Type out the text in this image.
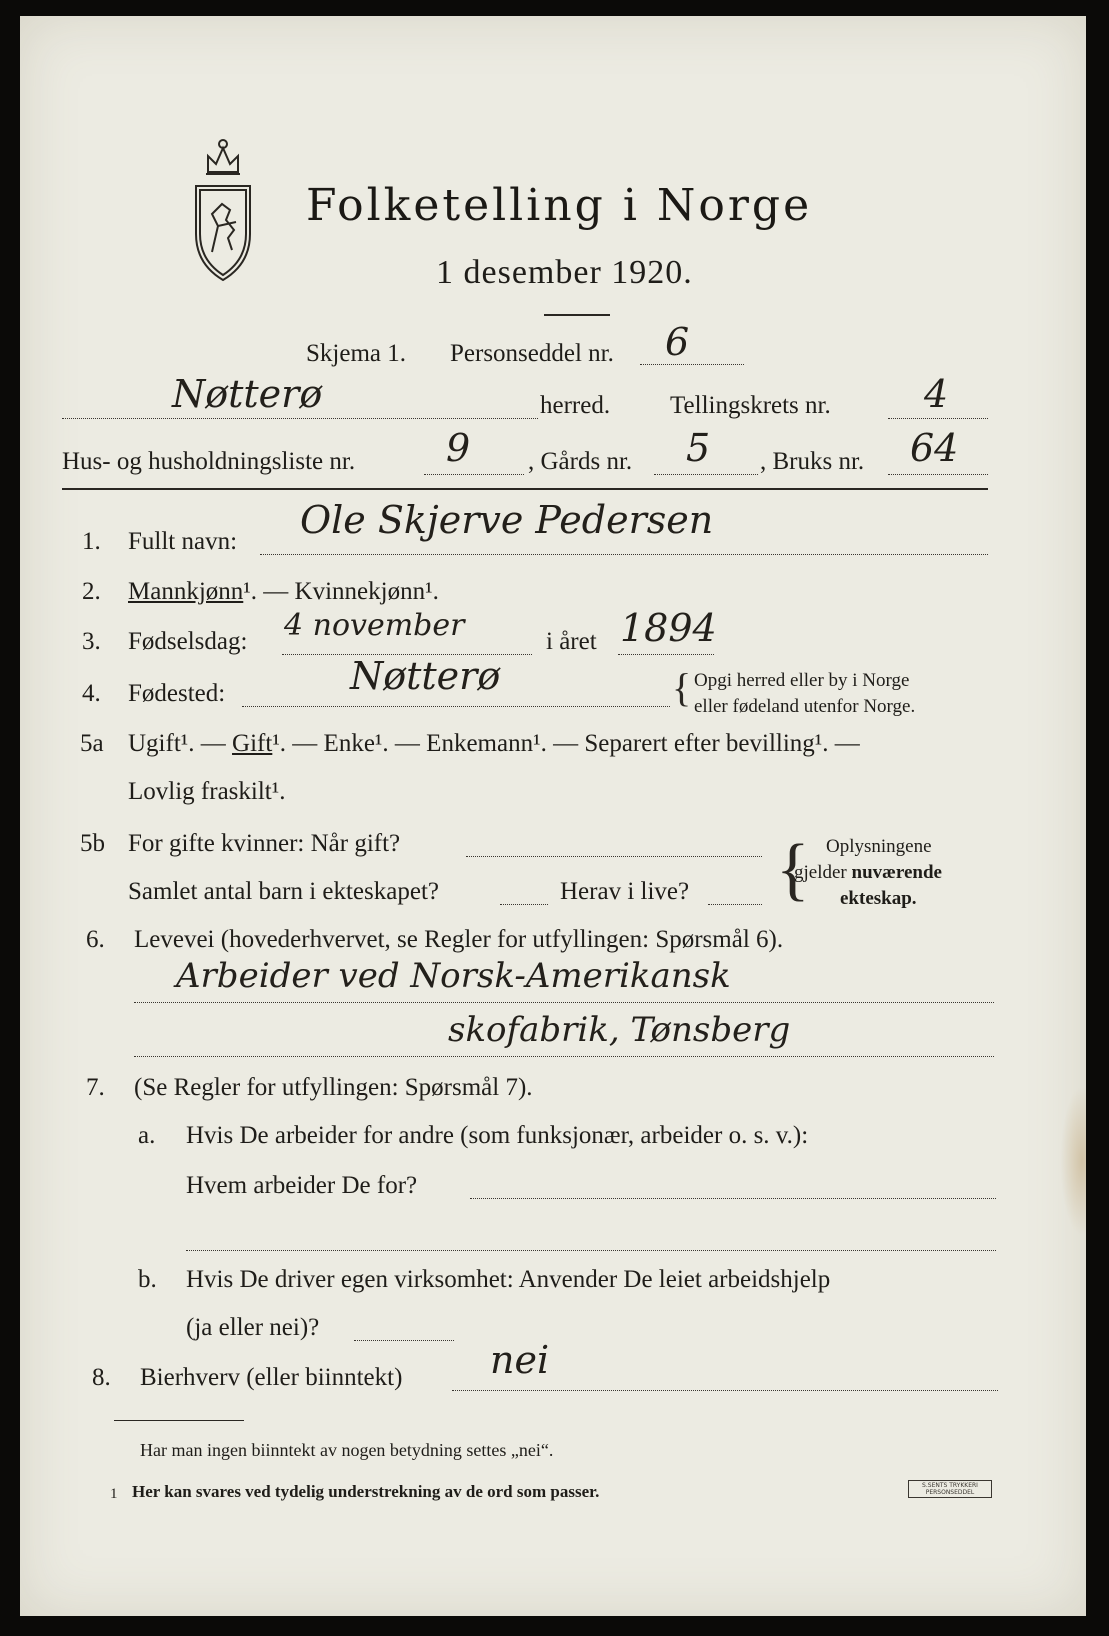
Folketelling i Norge
1 desember 1920.
Skjema 1. Personseddel nr. 6
Nøtterø	herred. Tellingskrets nr. 4
Hus- og husholdningsliste nr. 9 , Gårds nr. 5 , Bruks nr. 64
1. Fullt navn: Ole Skjerve Pedersen
2. Mannkjønn¹. — Kvinnekjønn¹.
3. Fødselsdag: 4 november	i året 1894
4. Fødested:	Nøtterø	{ Opgi herred eller by i Norge
eller fødeland utenfor Norge.
5a Ugift¹. — Gift¹. — Enke¹. — Enkemann¹. — Separert efter bevilling¹. —
Lovlig fraskilt¹.
5b For gifte kvinner: Når gift?
Samlet antal barn i ekteskapet?	Herav i live? { Oplysningene
gjelder nuværende
ekteskap.
6. Levevei (hovederhvervet, se Regler for utfyllingen: Spørsmål 6).
Arbeider ved Norsk-Amerikansk
skofabrik, Tønsberg
7. (Se Regler for utfyllingen: Spørsmål 7).
a. Hvis De arbeider for andre (som funksjonær, arbeider o. s. v.):
Hvem arbeider De for?
b. Hvis De driver egen virksomhet: Anvender De leiet arbeidshjelp
(ja eller nei)?
8. Bierhverv (eller biinntekt) nei
Har man ingen biinntekt av nogen betydning settes „nei“.
1 Her kan svares ved tydelig understrekning av de ord som passer.	S.SENTS TRYKKERI
PERSONSEDDEL
